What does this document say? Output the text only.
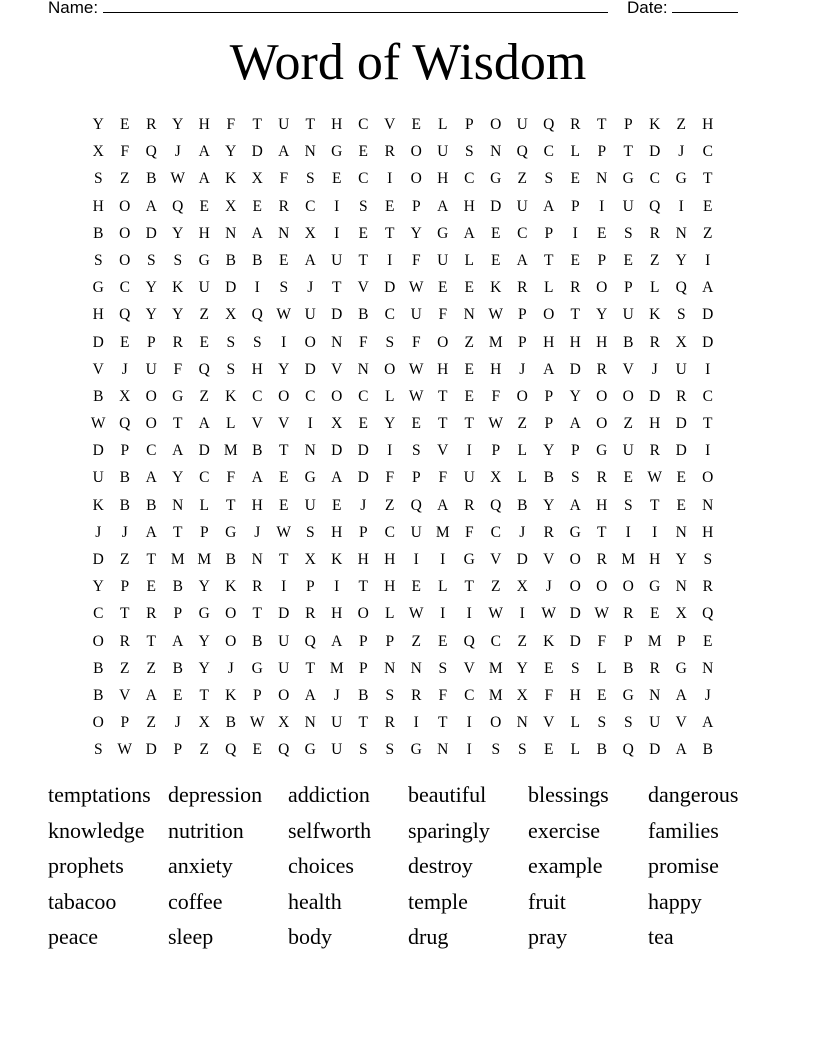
Name:	Date:
Word of Wisdom
Y	E	R	Y H	F	T	U	T	H	C	V	E	L	P	O U Q	R	T	P	K	Z	H
X	F	Q	J	A Y D A N G	E	R	O U	S	N Q	C	L	P	T	D	J	C
S	Z	B W A K X	F	S	E	C	I	O H	C	G	Z	S	E	N G	C	G	T
H O A Q	E	X	E	R	C	I	S	E	P	A H D U A	P	I	U Q	I	E
B	O D Y H N A N X	I	E	T	Y G A	E	C	P	I	E	S	R	N	Z
S	O	S	S	G	B	B	E	A U	T	I	F	U	L	E	A	T	E	P	E	Z	Y	I
G	C	Y K U D	I	S	J	T	V D W E	E	K	R	L	R	O	P	L	Q A
H Q Y Y	Z	X Q W U D	B	C	U	F	N W P	O	T	Y U K	S	D
D	E	P	R	E	S	S	I	O N	F	S	F	O	Z M P	H H H	B	R	X D
V	J	U	F	Q	S	H Y D V N O W H	E	H	J	A D	R	V	J	U	I
B	X O G	Z	K	C	O	C	O	C	L W T	E	F	O	P	Y O O D	R	C
W Q O	T	A	L	V V	I	X	E	Y	E	T	T W Z	P	A O	Z	H D	T
D	P	C	A D M B	T	N D D	I	S	V	I	P	L	Y	P	G U	R	D	I
U	B	A Y	C	F	A	E	G A D	F	P	F	U X	L	B	S	R	E W E	O
K	B	B	N	L	T	H	E	U	E	J	Z	Q A	R	Q	B	Y A H	S	T	E	N
J	J	A	T	P	G	J	W S	H	P	C	U M F	C	J	R	G	T	I	I	N H
D	Z	T M M B	N	T	X K H H	I	I	G V D V O	R M H Y	S
Y	P	E	B	Y K	R	I	P	I	T	H	E	L	T	Z	X	J	O O O G N	R
C	T	R	P	G O	T	D	R	H O	L W	I	I	W	I	W D W R	E	X Q
O	R	T	A Y O	B	U Q A	P	P	Z	E	Q	C	Z	K D	F	P M P	E
B	Z	Z	B	Y	J	G U	T M P	N N	S	V M Y	E	S	L	B	R	G N
B	V A	E	T	K	P	O A	J	B	S	R	F	C M X	F	H	E	G N A	J
O	P	Z	J	X	B W X N U	T	R	I	T	I	O N V	L	S	S	U V A
S W D	P	Z	Q	E	Q G U	S	S	G N	I	S	S	E	L	B	Q D A	B
temptations depression	addiction	beautiful	blessings	dangerous
knowledge	nutrition	selfworth	sparingly	exercise	families
prophets	anxiety	choices	destroy	example	promise
tabacoo	coffee	health	temple	fruit	happy
peace	sleep	body	drug	pray	tea
